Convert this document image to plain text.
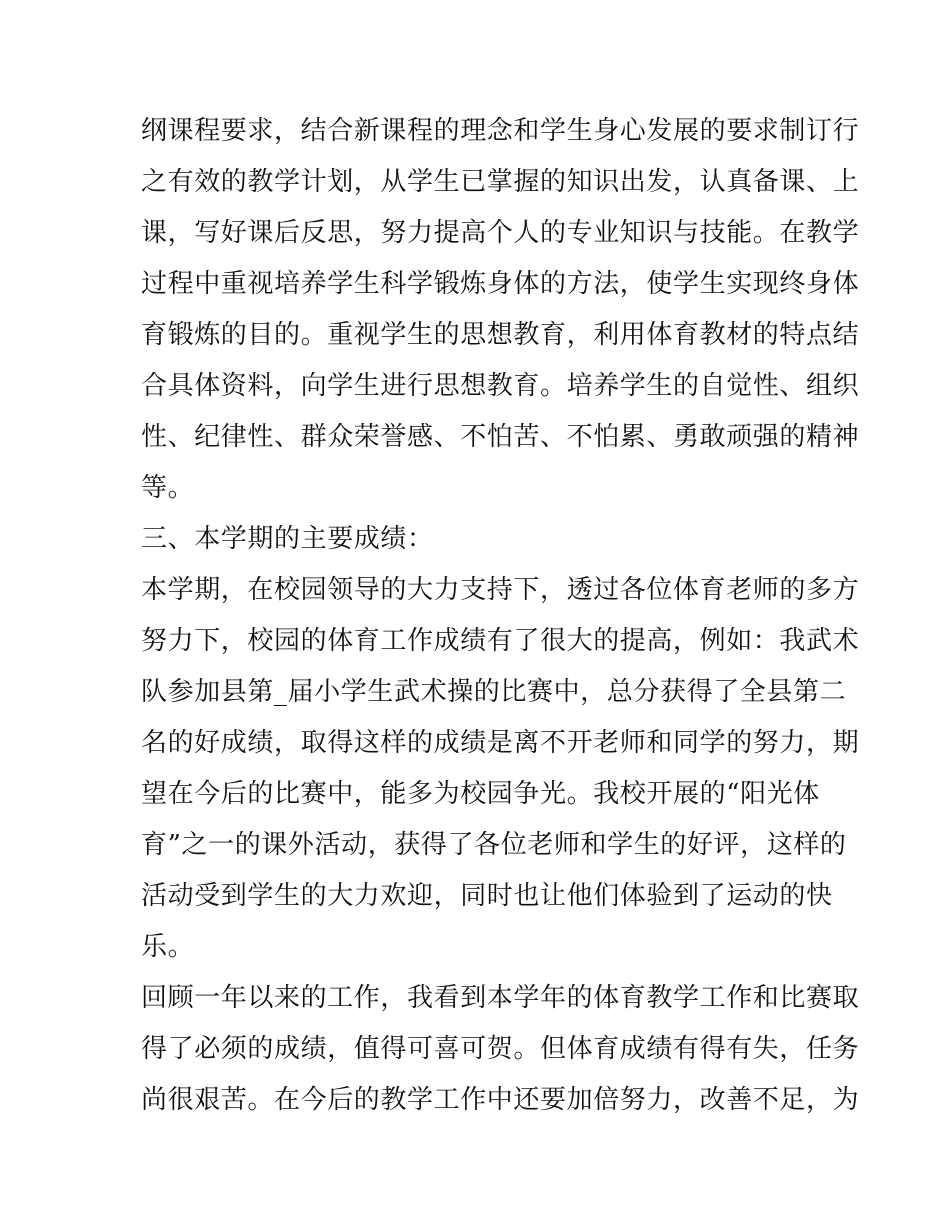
纲课程要求，结合新课程的理念和学生身心发展的要求制订行
之有效的教学计划，从学生已掌握的知识出发，认真备课、上
课，写好课后反思，努力提高个人的专业知识与技能。在教学
过程中重视培养学生科学锻炼身体的方法，使学生实现终身体
育锻炼的目的。重视学生的思想教育，利用体育教材的特点结
合具体资料，向学生进行思想教育。培养学生的自觉性、组织
性、纪律性、群众荣誉感、不怕苦、不怕累、勇敢顽强的精神
等。
三、本学期的主要成绩：
本学期，在校园领导的大力支持下，透过各位体育老师的多方
努力下，校园的体育工作成绩有了很大的提高，例如：我武术
队参加县第_届小学生武术操的比赛中，总分获得了全县第二
名的好成绩，取得这样的成绩是离不开老师和同学的努力，期
望在今后的比赛中，能多为校园争光。我校开展的“阳光体
育”之一的课外活动，获得了各位老师和学生的好评，这样的
活动受到学生的大力欢迎，同时也让他们体验到了运动的快
乐。
回顾一年以来的工作，我看到本学年的体育教学工作和比赛取
得了必须的成绩，值得可喜可贺。但体育成绩有得有失，任务
尚很艰苦。在今后的教学工作中还要加倍努力，改善不足，为
